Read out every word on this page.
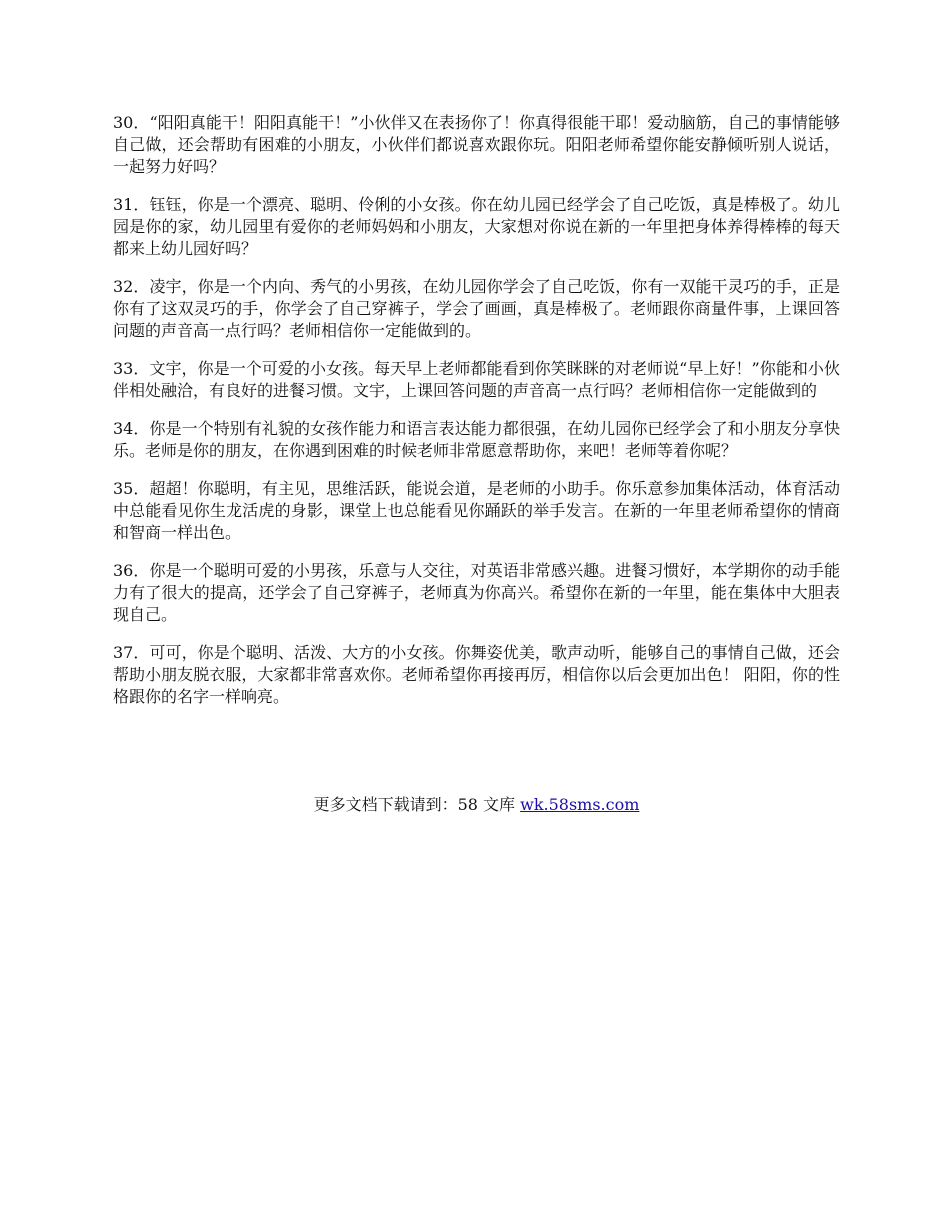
30．“阳阳真能干！阳阳真能干！”小伙伴又在表扬你了！你真得很能干耶！爱动脑筋，自己的事情能够自己做，还会帮助有困难的小朋友，小伙伴们都说喜欢跟你玩。阳阳老师希望你能安静倾听别人说话，一起努力好吗？

31．钰钰，你是一个漂亮、聪明、伶俐的小女孩。你在幼儿园已经学会了自己吃饭，真是棒极了。幼儿园是你的家，幼儿园里有爱你的老师妈妈和小朋友，大家想对你说在新的一年里把身体养得棒棒的每天都来上幼儿园好吗？

32．凌宇，你是一个内向、秀气的小男孩，在幼儿园你学会了自己吃饭，你有一双能干灵巧的手，正是你有了这双灵巧的手，你学会了自己穿裤子，学会了画画，真是棒极了。老师跟你商量件事，上课回答问题的声音高一点行吗？老师相信你一定能做到的。

33．文宇，你是一个可爱的小女孩。每天早上老师都能看到你笑眯眯的对老师说“早上好！”你能和小伙伴相处融洽，有良好的进餐习惯。文宇，上课回答问题的声音高一点行吗？老师相信你一定能做到的

34．你是一个特别有礼貌的女孩作能力和语言表达能力都很强，在幼儿园你已经学会了和小朋友分享快乐。老师是你的朋友，在你遇到困难的时候老师非常愿意帮助你，来吧！老师等着你呢？

35．超超！你聪明，有主见，思维活跃，能说会道，是老师的小助手。你乐意参加集体活动，体育活动中总能看见你生龙活虎的身影，课堂上也总能看见你踊跃的举手发言。在新的一年里老师希望你的情商和智商一样出色。

36．你是一个聪明可爱的小男孩，乐意与人交往，对英语非常感兴趣。进餐习惯好，本学期你的动手能力有了很大的提高，还学会了自己穿裤子，老师真为你高兴。希望你在新的一年里，能在集体中大胆表现自己。

37．可可，你是个聪明、活泼、大方的小女孩。你舞姿优美，歌声动听，能够自己的事情自己做，还会帮助小朋友脱衣服，大家都非常喜欢你。老师希望你再接再厉，相信你以后会更加出色！ 阳阳，你的性格跟你的名字一样响亮。

更多文档下载请到：58 文库 wk.58sms.com
